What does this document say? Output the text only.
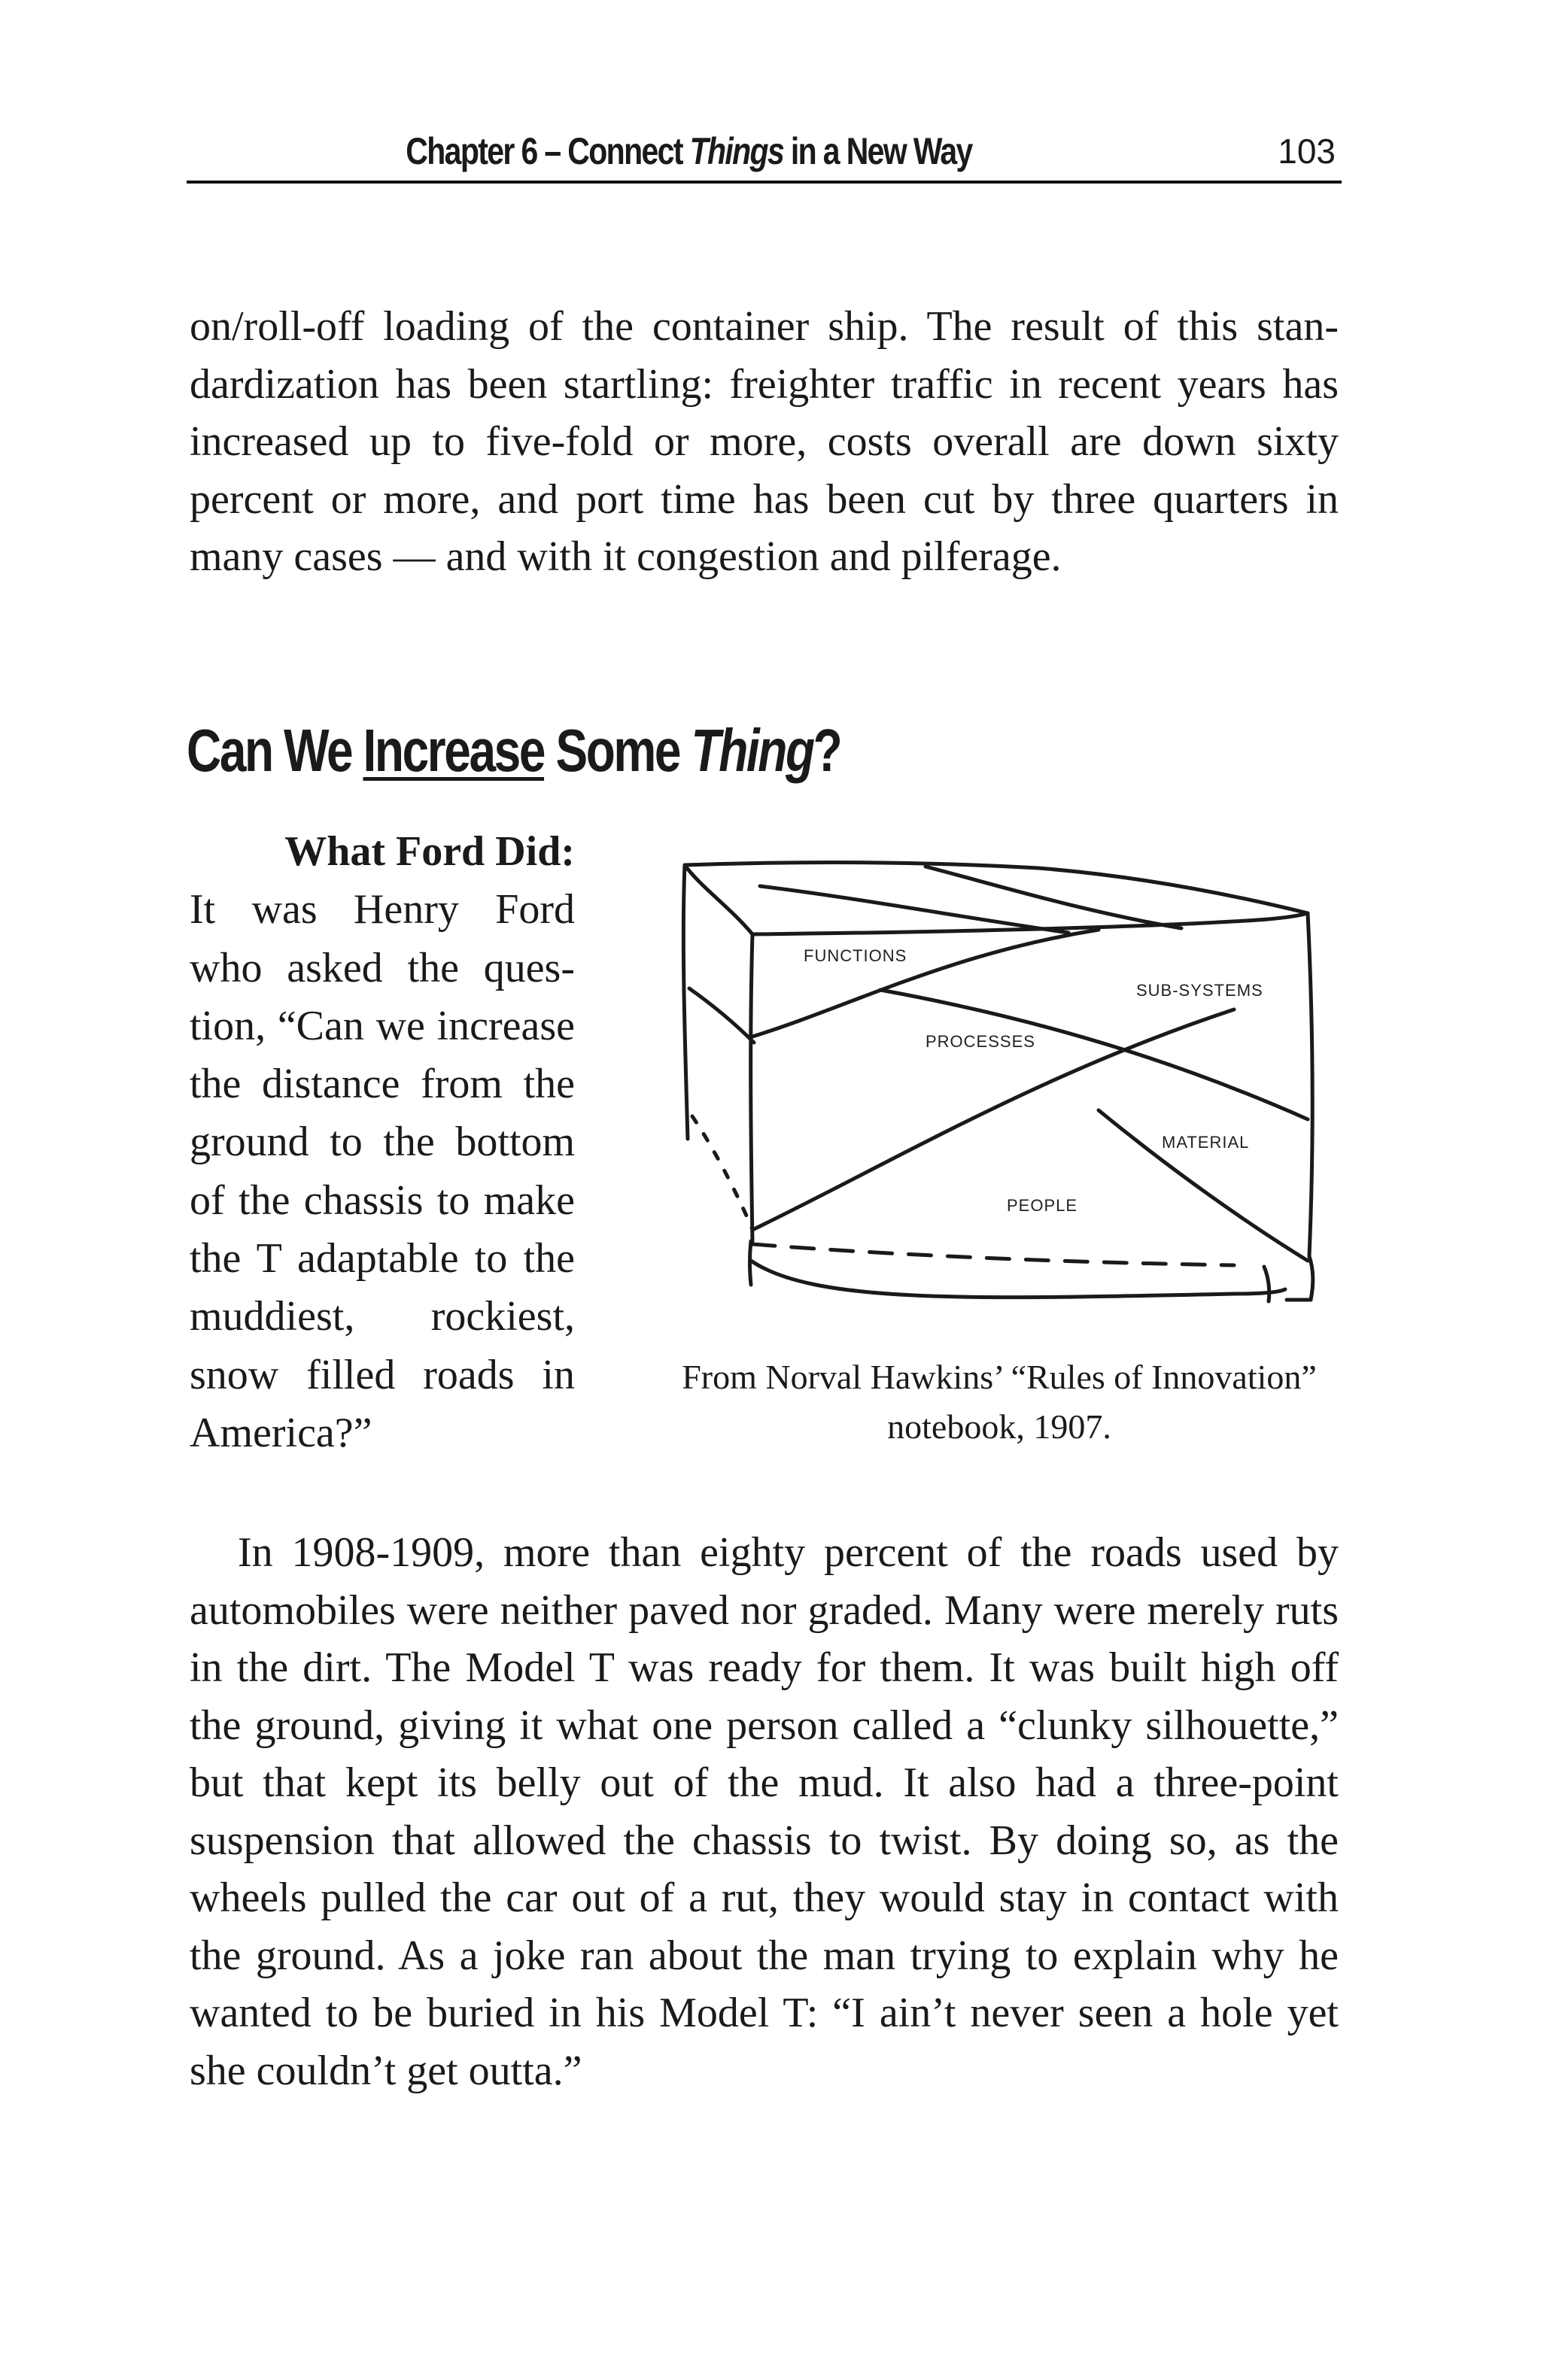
Chapter 6 – Connect Things in a New Way	103

on/roll-off loading of the container ship. The result of this stan-dardization has been startling: freighter traffic in recent years has increased up to five-fold or more, costs overall are down sixty percent or more, and port time has been cut by three quarters in many cases — and with it congestion and pilferage.

Can We Increase Some Thing?
What Ford Did:
It was Henry Ford who asked the ques-tion, “Can we increase the distance from the ground to the bottom of the chassis to make the T adaptable to the muddiest, rockiest, snow filled roads in
America?”
FUNCTIONS
SUB-SYSTEMS
PROCESSES
MATERIAL
PEOPLE
From Norval Hawkins’ “Rules of Innovation”
notebook, 1907.

In 1908-1909, more than eighty percent of the roads used by automobiles were neither paved nor graded. Many were merely ruts in the dirt. The Model T was ready for them. It was built high off the ground, giving it what one person called a “clunky silhouette,” but that kept its belly out of the mud. It also had a three-point suspension that allowed the chassis to twist. By doing so, as the wheels pulled the car out of a rut, they would stay in contact with the ground. As a joke ran about the man trying to explain why he wanted to be buried in his Model T: “I ain’t never seen a hole yet she couldn’t get outta.”
